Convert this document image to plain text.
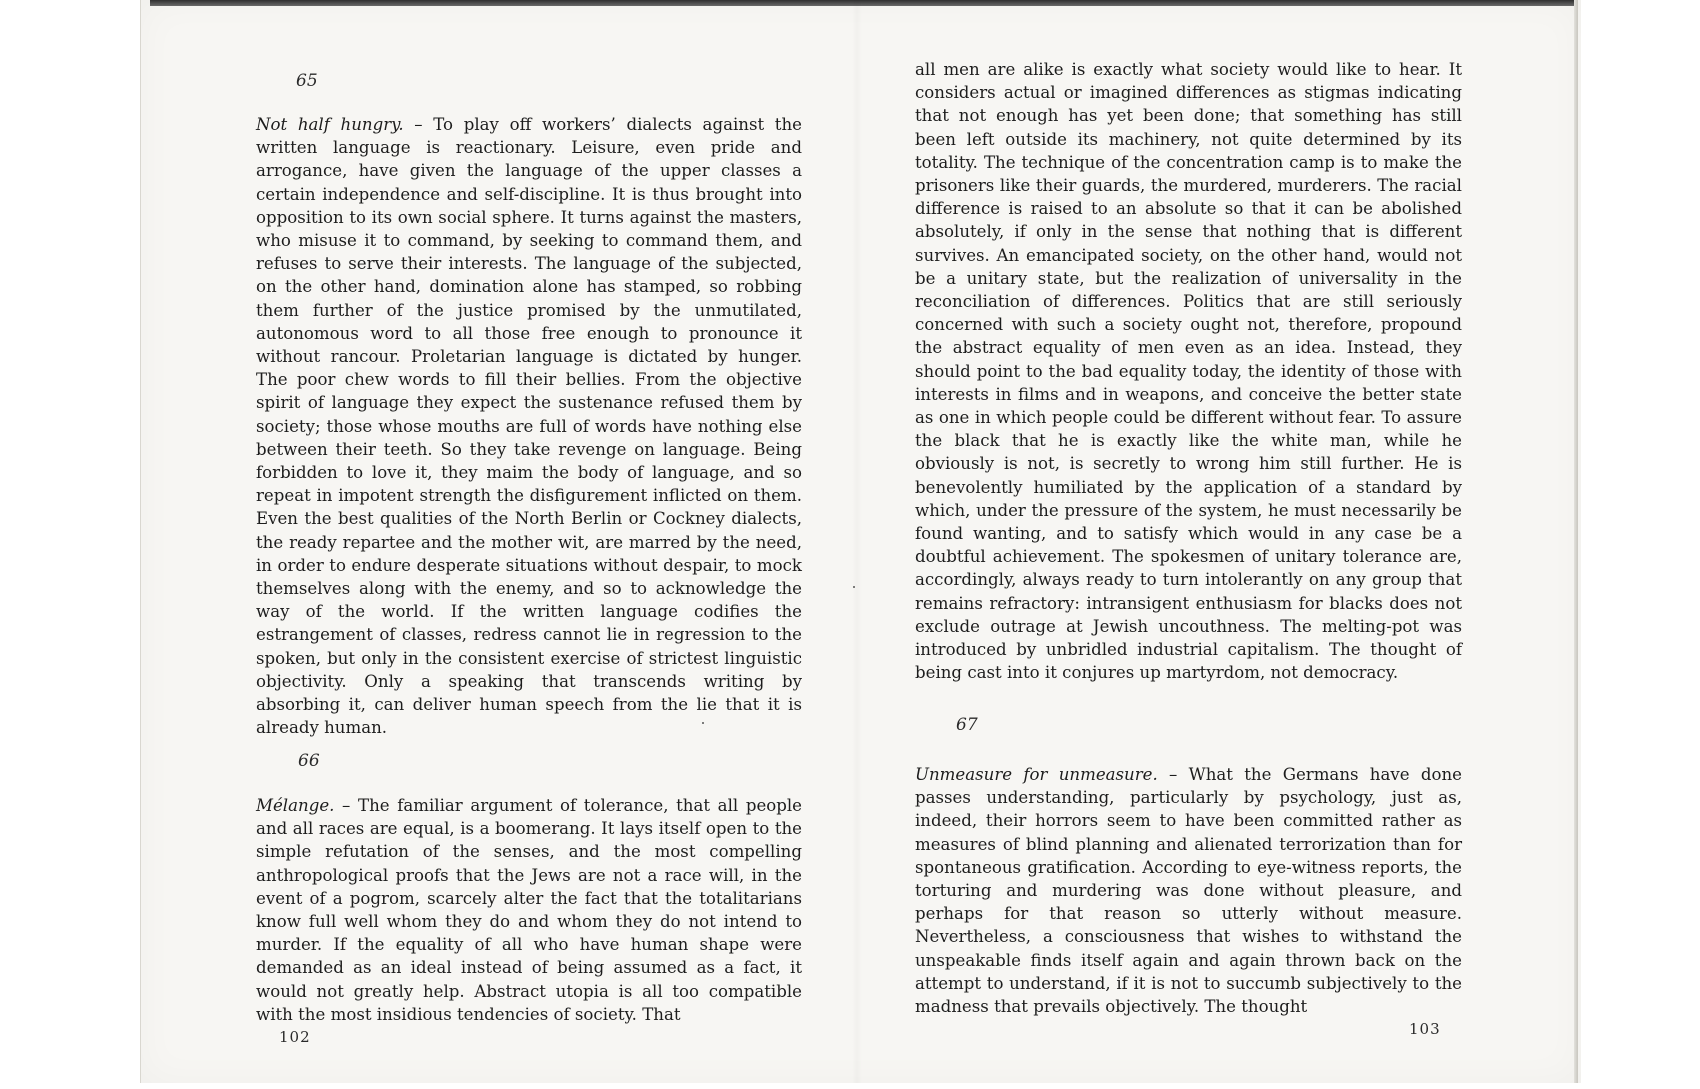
65

Not half hungry. – To play off workers’ dialects against the written language is reactionary. Leisure, even pride and arrogance, have given the language of the upper classes a certain independence and self-discipline. It is thus brought into opposition to its own social sphere. It turns against the masters, who misuse it to command, by seeking to command them, and refuses to serve their interests. The language of the subjected, on the other hand, domination alone has stamped, so robbing them further of the justice promised by the unmutilated, autonomous word to all those free enough to pronounce it without rancour. Proletarian language is dictated by hunger. The poor chew words to fill their bellies. From the objective spirit of language they expect the sustenance refused them by society; those whose mouths are full of words have nothing else between their teeth. So they take revenge on language. Being forbidden to love it, they maim the body of language, and so repeat in impotent strength the disfigurement inflicted on them. Even the best qualities of the North Berlin or Cockney dialects, the ready repartee and the mother wit, are marred by the need, in order to endure desperate situations without despair, to mock themselves along with the enemy, and so to acknowledge the way of the world. If the written language codifies the estrangement of classes, redress cannot lie in regression to the spoken, but only in the consistent exercise of strictest linguistic objectivity. Only a speaking that transcends writing by absorbing it, can deliver human speech from the lie that it is already human.

66

Mélange. – The familiar argument of tolerance, that all people and all races are equal, is a boomerang. It lays itself open to the simple refutation of the senses, and the most compelling anthropological proofs that the Jews are not a race will, in the event of a pogrom, scarcely alter the fact that the totalitarians know full well whom they do and whom they do not intend to murder. If the equality of all who have human shape were demanded as an ideal instead of being assumed as a fact, it would not greatly help. Abstract utopia is all too compatible with the most insidious tendencies of society. That

102

all men are alike is exactly what society would like to hear. It considers actual or imagined differences as stigmas indicating that not enough has yet been done; that something has still been left outside its machinery, not quite determined by its totality. The technique of the concentration camp is to make the prisoners like their guards, the murdered, murderers. The racial difference is raised to an absolute so that it can be abolished absolutely, if only in the sense that nothing that is different survives. An emancipated society, on the other hand, would not be a unitary state, but the realization of universality in the reconciliation of differences. Politics that are still seriously concerned with such a society ought not, therefore, propound the abstract equality of men even as an idea. Instead, they should point to the bad equality today, the identity of those with interests in films and in weapons, and conceive the better state as one in which people could be different without fear. To assure the black that he is exactly like the white man, while he obviously is not, is secretly to wrong him still further. He is benevolently humiliated by the application of a standard by which, under the pressure of the system, he must necessarily be found wanting, and to satisfy which would in any case be a doubtful achievement. The spokesmen of unitary tolerance are, accordingly, always ready to turn intolerantly on any group that remains refractory: intransigent enthusiasm for blacks does not exclude outrage at Jewish uncouthness. The melting-pot was introduced by unbridled industrial capitalism. The thought of being cast into it conjures up martyrdom, not democracy.

67

Unmeasure for unmeasure. – What the Germans have done passes understanding, particularly by psychology, just as, indeed, their horrors seem to have been committed rather as measures of blind planning and alienated terrorization than for spontaneous gratification. According to eye-witness reports, the torturing and murdering was done without pleasure, and perhaps for that reason so utterly without measure. Nevertheless, a consciousness that wishes to withstand the unspeakable finds itself again and again thrown back on the attempt to understand, if it is not to succumb subjectively to the madness that prevails objectively. The thought

103
